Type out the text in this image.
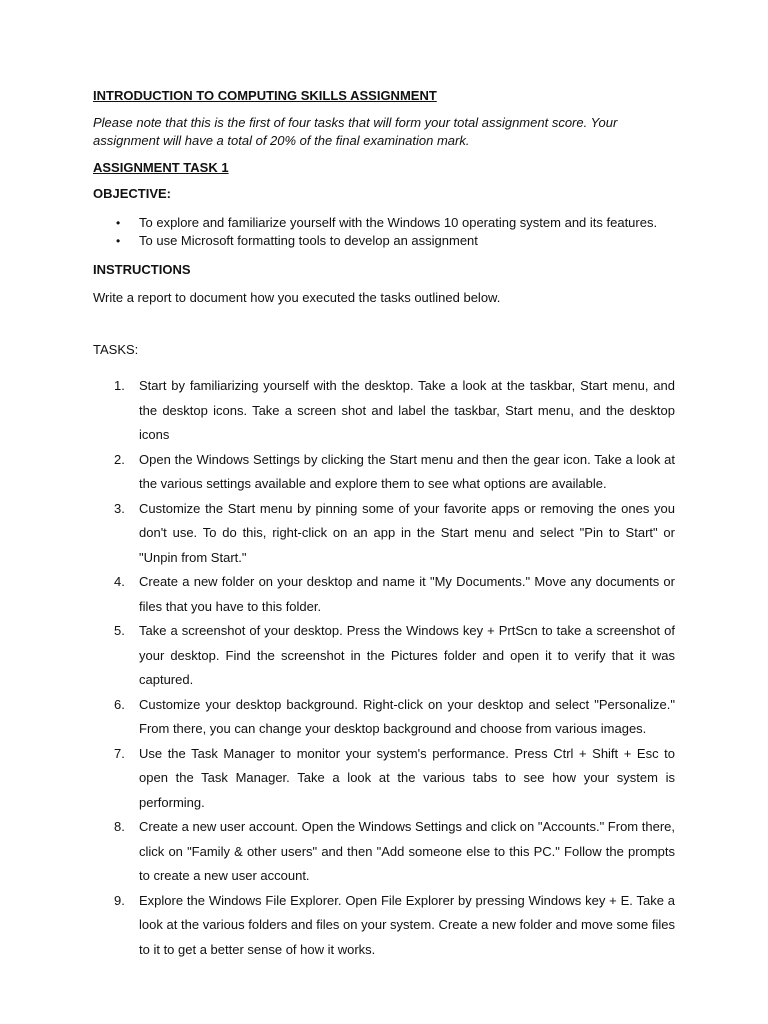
INTRODUCTION TO COMPUTING SKILLS ASSIGNMENT
Please note that this is the first of four tasks that will form your total assignment score. Your assignment will have a total of 20% of the final examination mark.
ASSIGNMENT TASK 1
OBJECTIVE:
• To explore and familiarize yourself with the Windows 10 operating system and its features.
• To use Microsoft formatting tools to develop an assignment
INSTRUCTIONS
Write a report to document how you executed the tasks outlined below.
TASKS:
1. Start by familiarizing yourself with the desktop. Take a look at the taskbar, Start menu, and the desktop icons. Take a screen shot and label the taskbar, Start menu, and the desktop icons
2. Open the Windows Settings by clicking the Start menu and then the gear icon. Take a look at the various settings available and explore them to see what options are available.
3. Customize the Start menu by pinning some of your favorite apps or removing the ones you don't use. To do this, right-click on an app in the Start menu and select "Pin to Start" or "Unpin from Start."
4. Create a new folder on your desktop and name it "My Documents." Move any documents or files that you have to this folder.
5. Take a screenshot of your desktop. Press the Windows key + PrtScn to take a screenshot of your desktop. Find the screenshot in the Pictures folder and open it to verify that it was captured.
6. Customize your desktop background. Right-click on your desktop and select "Personalize." From there, you can change your desktop background and choose from various images.
7. Use the Task Manager to monitor your system's performance. Press Ctrl + Shift + Esc to open the Task Manager. Take a look at the various tabs to see how your system is performing.
8. Create a new user account. Open the Windows Settings and click on "Accounts." From there, click on "Family & other users" and then "Add someone else to this PC." Follow the prompts to create a new user account.
9. Explore the Windows File Explorer. Open File Explorer by pressing Windows key + E. Take a look at the various folders and files on your system. Create a new folder and move some files to it to get a better sense of how it works.
